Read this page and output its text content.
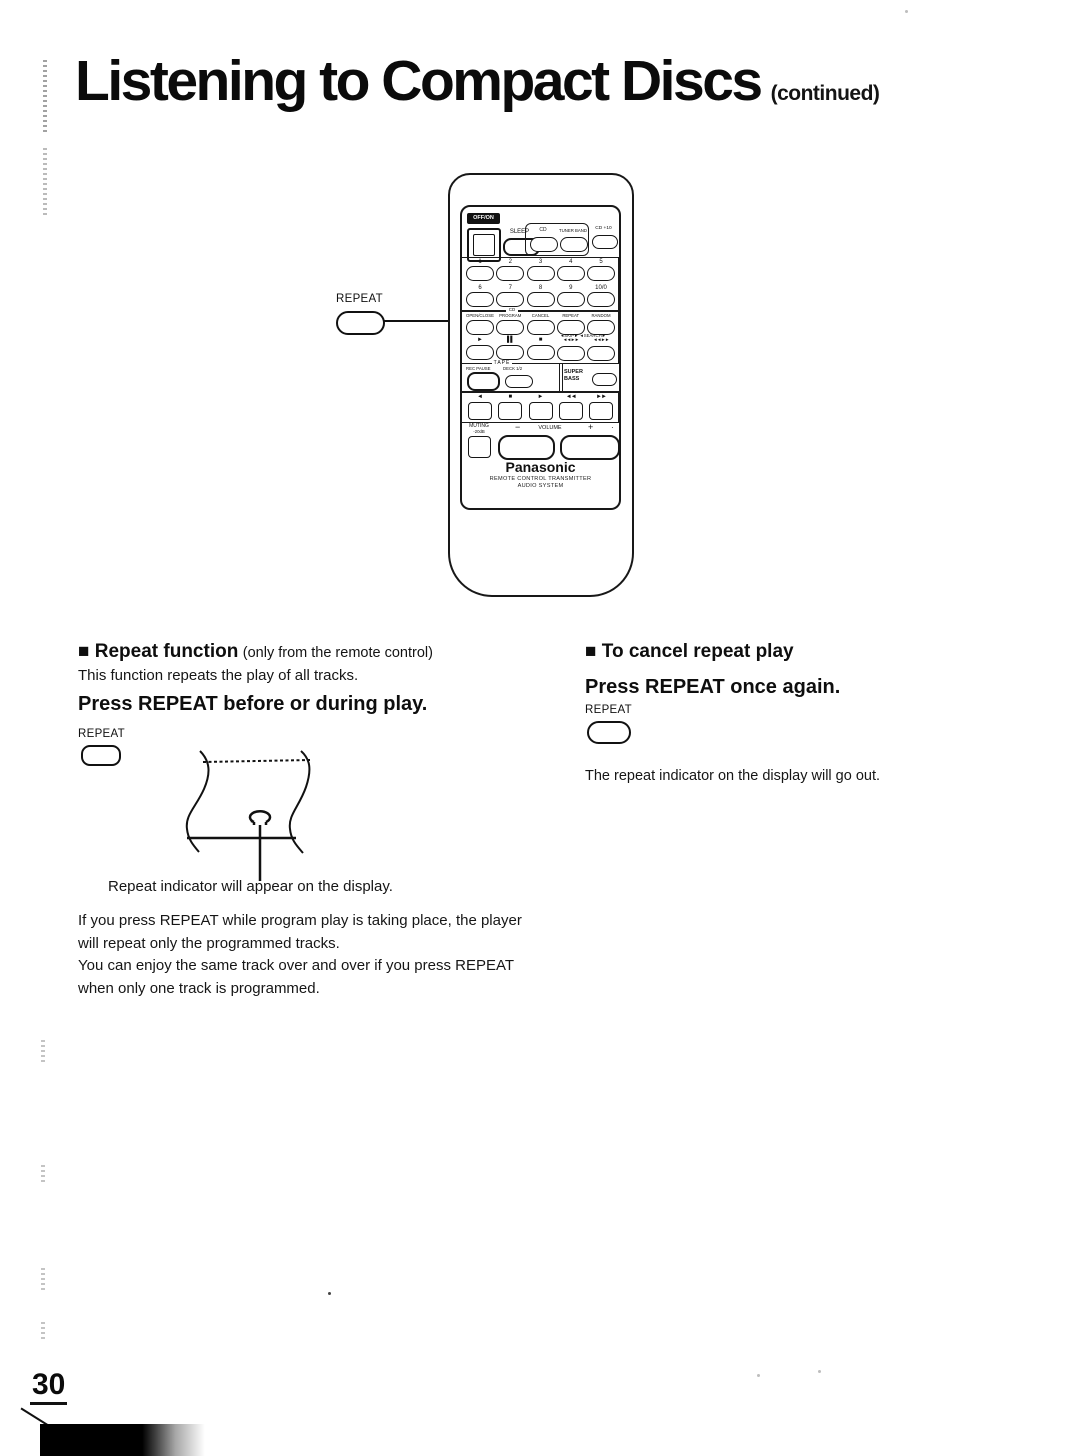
Listening to Compact Discs (continued)
REPEAT
OFF/ON
SLEEP	CD	TUNER BAND	CD +10
1	2	3	4	5
6	7	8	9	10/0
CD
OPEN/CLOSE	PROGRAM	CANCEL	REPEAT	RANDOM
◄SKIP► ◄SEARCH►
►	▌▌	■	◄◄►►	◄◄►►
TAPE
REC PAUSE	DECK 1/2
SUPER
BASS
◄	■	►	◄◄	►►
MUTING
-20dB	−	VOLUME	+ ·
Panasonic
REMOTE CONTROL TRANSMITTER
AUDIO SYSTEM
■ Repeat function (only from the remote control)
This function repeats the play of all tracks.
Press REPEAT before or during play.
REPEAT
Repeat indicator will appear on the display.
If you press REPEAT while program play is taking place, the player will repeat only the programmed tracks.
You can enjoy the same track over and over if you press REPEAT when only one track is programmed.
■ To cancel repeat play
Press REPEAT once again.
REPEAT
The repeat indicator on the display will go out.
30
